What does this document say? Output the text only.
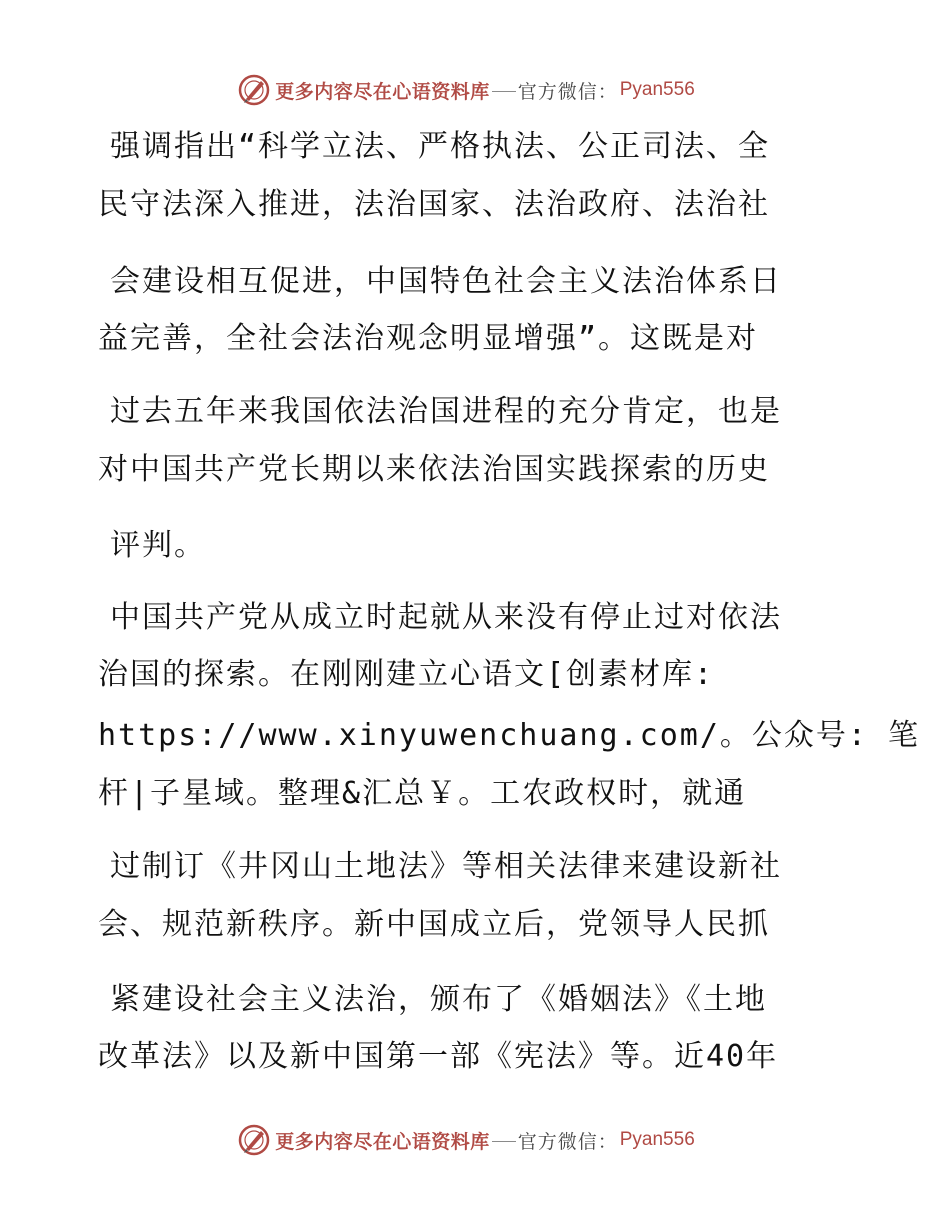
更多内容尽在心语资料库 官方微信： Pyan556
强调指出“科学立法、严格执法、公正司法、全
民守法深入推进，法治国家、法治政府、法治社
会建设相互促进，中国特色社会主义法治体系日
益完善，全社会法治观念明显增强”。这既是对
过去五年来我国依法治国进程的充分肯定，也是
对中国共产党长期以来依法治国实践探索的历史
评判。
中国共产党从成立时起就从来没有停止过对依法
治国的探索。在刚刚建立心语文[创素材库:
https://www.xinyuwenchuang.com/。公众号: 笔
杆|子星域。整理&汇总￥。工农政权时，就通
过制订《井冈山土地法》等相关法律来建设新社
会、规范新秩序。新中国成立后，党领导人民抓
紧建设社会主义法治，颁布了《婚姻法》《土地
改革法》以及新中国第一部《宪法》等。近40年
更多内容尽在心语资料库 官方微信： Pyan556
